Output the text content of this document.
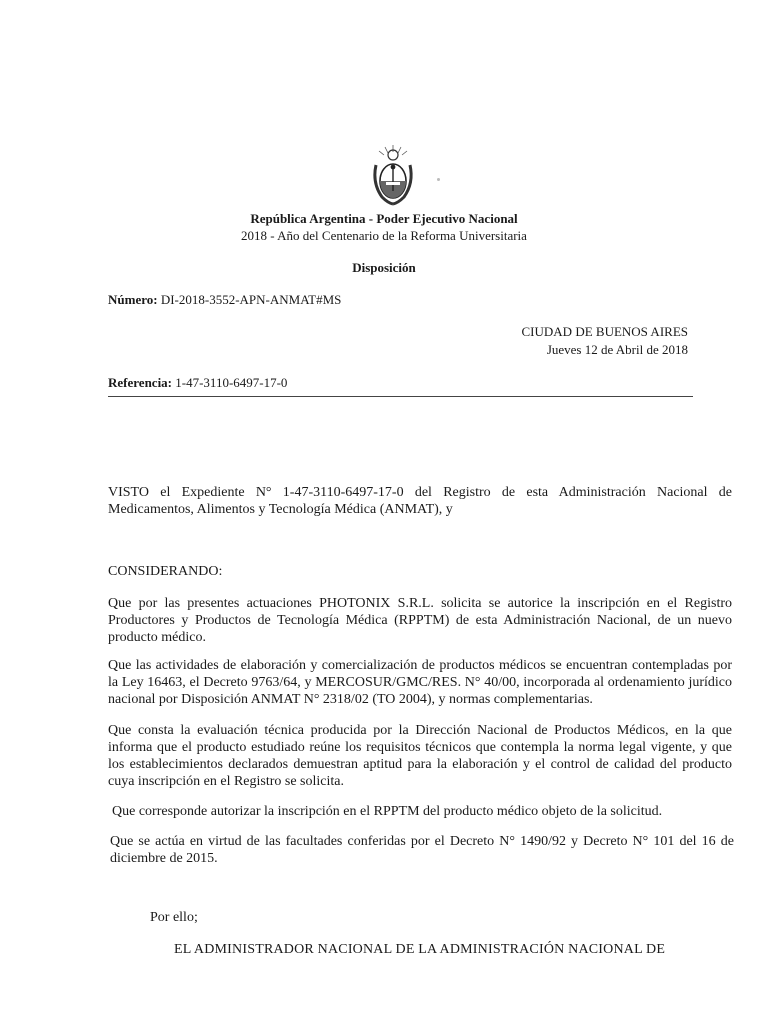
República Argentina - Poder Ejecutivo Nacional
2018 - Año del Centenario de la Reforma Universitaria
Disposición
Número: DI-2018-3552-APN-ANMAT#MS
CIUDAD DE BUENOS AIRES
Jueves 12 de Abril de 2018
Referencia: 1-47-3110-6497-17-0
VISTO el Expediente N° 1-47-3110-6497-17-0 del Registro de esta Administración Nacional de Medicamentos, Alimentos y Tecnología Médica (ANMAT), y
CONSIDERANDO:
Que por las presentes actuaciones PHOTONIX S.R.L. solicita se autorice la inscripción en el Registro Productores y Productos de Tecnología Médica (RPPTM) de esta Administración Nacional, de un nuevo producto médico.
Que las actividades de elaboración y comercialización de productos médicos se encuentran contempladas por la Ley 16463, el Decreto 9763/64, y MERCOSUR/GMC/RES. N° 40/00, incorporada al ordenamiento jurídico nacional por Disposición ANMAT N° 2318/02 (TO 2004), y normas complementarias.
Que consta la evaluación técnica producida por la Dirección Nacional de Productos Médicos, en la que informa que el producto estudiado reúne los requisitos técnicos que contempla la norma legal vigente, y que los establecimientos declarados demuestran aptitud para la elaboración y el control de calidad del producto cuya inscripción en el Registro se solicita.
Que corresponde autorizar la inscripción en el RPPTM del producto médico objeto de la solicitud.
Que se actúa en virtud de las facultades conferidas por el Decreto N° 1490/92 y Decreto N° 101 del 16 de diciembre de 2015.
Por ello;
EL ADMINISTRADOR NACIONAL DE LA ADMINISTRACIÓN NACIONAL DE
